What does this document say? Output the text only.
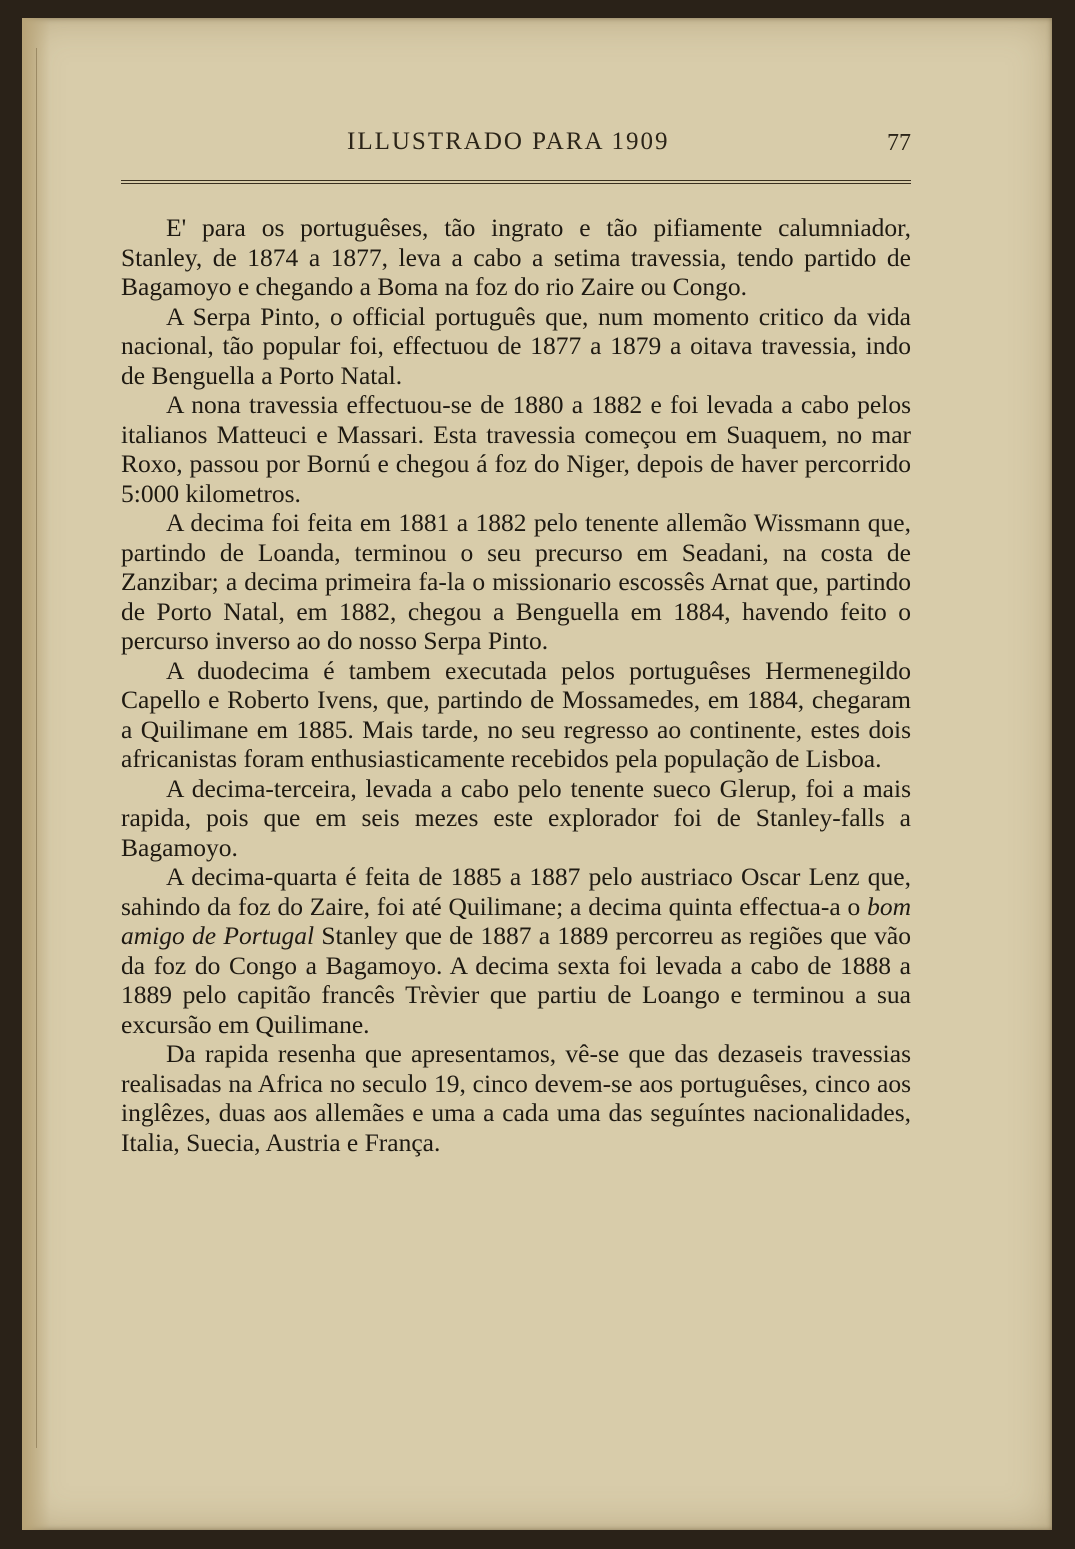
ILLUSTRADO PARA 1909	77

E' para os portuguêses, tão ingrato e tão pifiamente calumniador, Stanley, de 1874 a 1877, leva a cabo a setima travessia, tendo partido de Bagamoyo e chegando a Boma na foz do rio Zaire ou Congo.

A Serpa Pinto, o official português que, num momento critico da vida nacional, tão popular foi, effectuou de 1877 a 1879 a oitava travessia, indo de Benguella a Porto Natal.

A nona travessia effectuou-se de 1880 a 1882 e foi levada a cabo pelos italianos Matteuci e Massari. Esta travessia começou em Suaquem, no mar Roxo, passou por Bornú e chegou á foz do Niger, depois de haver percorrido 5:000 kilometros.

A decima foi feita em 1881 a 1882 pelo tenente allemão Wissmann que, partindo de Loanda, terminou o seu precurso em Seadani, na costa de Zanzibar; a decima primeira fa-la o missionario escossês Arnat que, partindo de Porto Natal, em 1882, chegou a Benguella em 1884, havendo feito o percurso inverso ao do nosso Serpa Pinto.

A duodecima é tambem executada pelos portuguêses Hermenegildo Capello e Roberto Ivens, que, partindo de Mossamedes, em 1884, chegaram a Quilimane em 1885. Mais tarde, no seu regresso ao continente, estes dois africanistas foram enthusiasticamente recebidos pela população de Lisboa.

A decima-terceira, levada a cabo pelo tenente sueco Glerup, foi a mais rapida, pois que em seis mezes este explorador foi de Stanley-falls a Bagamoyo.

A decima-quarta é feita de 1885 a 1887 pelo austriaco Oscar Lenz que, sahindo da foz do Zaire, foi até Quilimane; a decima quinta effectua-a o bom amigo de Portugal Stanley que de 1887 a 1889 percorreu as regiões que vão da foz do Congo a Bagamoyo. A decima sexta foi levada a cabo de 1888 a 1889 pelo capitão francês Trèvier que partiu de Loango e terminou a sua excursão em Quilimane.

Da rapida resenha que apresentamos, vê-se que das dezaseis travessias realisadas na Africa no seculo 19, cinco devem-se aos portuguêses, cinco aos inglêzes, duas aos allemães e uma a cada uma das seguíntes nacionalidades, Italia, Suecia, Austria e França.
